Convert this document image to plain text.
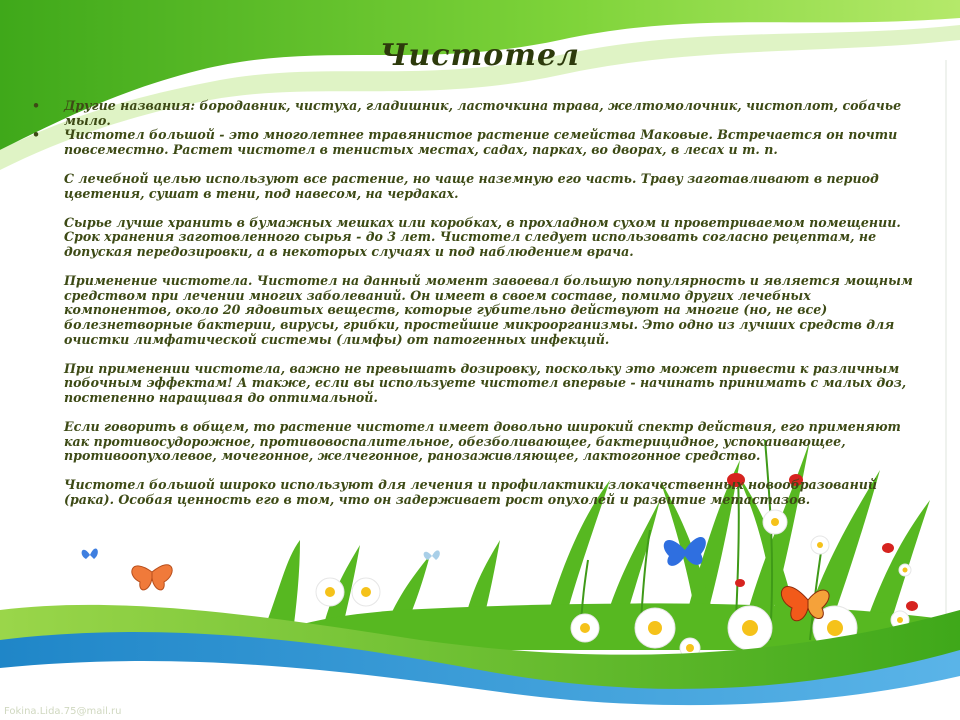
Чистотел
• Другие названия: бородавник, чистуха, гладишник, ласточкина трава, желтомолочник, чистоплот, собачье мыло.
• Чистотел большой - это многолетнее травянистое растение семейства Маковые. Встречается он почти повсеместно. Растет чистотел в тенистых местах, садах, парках, во дворах, в лесах и т. п.
С лечебной целью используют все растение, но чаще наземную его часть. Траву заготавливают в период цветения, сушат в тени, под навесом, на чердаках.
Сырье лучше хранить в бумажных мешках или коробках, в прохладном сухом и проветриваемом помещении. Срок хранения заготовленного сырья - до 3 лет. Чистотел следует использовать согласно рецептам, не допуская передозировки, а в некоторых случаях и под наблюдением врача.
Применение чистотела. Чистотел на данный момент завоевал большую популярность и является мощным средством при лечении многих заболеваний. Он имеет в своем составе, помимо других лечебных компонентов, около 20 ядовитых веществ, которые губительно действуют на многие (но, не все) болезнетворные бактерии, вирусы, грибки, простейшие микроорганизмы. Это одно из лучших средств для очистки лимфатической системы (лимфы) от патогенных инфекций.
При применении чистотела, важно не превышать дозировку, поскольку это может привести к различным побочным эффектам! А также, если вы используете чистотел впервые - начинать принимать с малых доз, постепенно наращивая до оптимальной.
Если говорить в общем, то растение чистотел имеет довольно широкий спектр действия, его применяют как противосудорожное, противовоспалительное, обезболивающее, бактерицидное, успокаивающее, противоопухолевое, мочегонное, желчегонное, ранозаживляющее, лактогонное средство.
Чистотел большой широко используют для лечения и профилактики злокачественных новообразований (рака). Особая ценность его в том, что он задерживает рост опухолей и развитие метастазов.
Fokina.Lida.75@mail.ru
